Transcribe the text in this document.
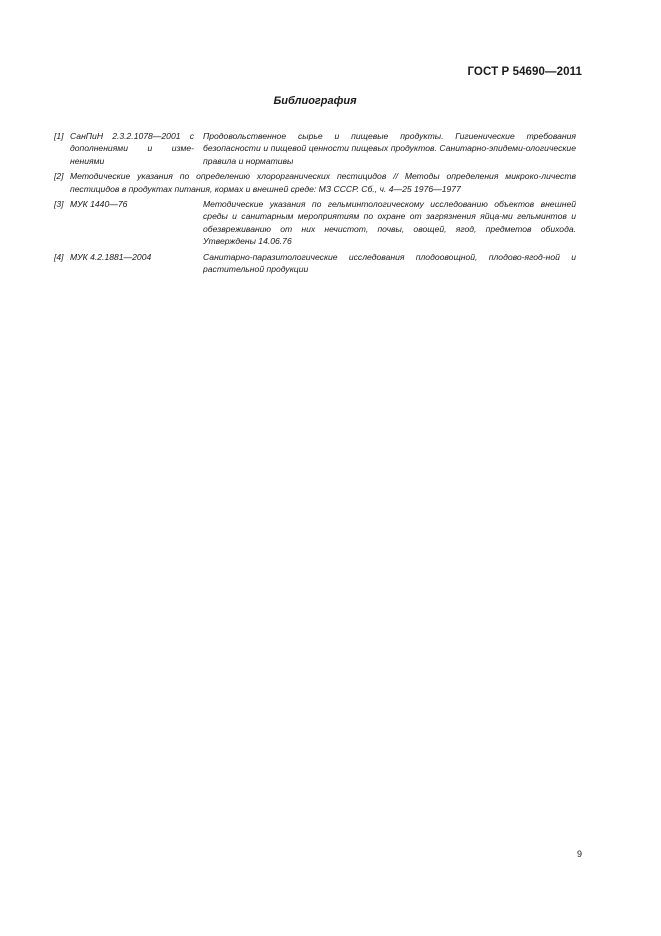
ГОСТ Р 54690—2011
Библиография
[1] СанПиН 2.3.2.1078—2001 с дополнениями и изме-нениями
Продовольственное сырье и пищевые продукты. Гигиенические требования безопасности и пищевой ценности пищевых продуктов. Санитарно-эпидеми-ологические правила и нормативы
[2] Методические указания по определению хлорорганических пестицидов // Методы определения микроко-личеств пестицидов в продуктах питания, кормах и внешней среде: МЗ СССР. Сб., ч. 4—25 1976—1977
[3] МУК 1440—76	Методические указания по гельминтологическому исследованию объектов внешней среды и санитарным мероприятиям по охране от загрязнения яйца-ми гельминтов и обезвреживанию от них нечистот, почвы, овощей, ягод, предметов обихода. Утверждены 14.06.76
[4] МУК 4.2.1881—2004	Санитарно-паразитологические исследования плодоовощной, плодово-ягод-ной и растительной продукции
9
